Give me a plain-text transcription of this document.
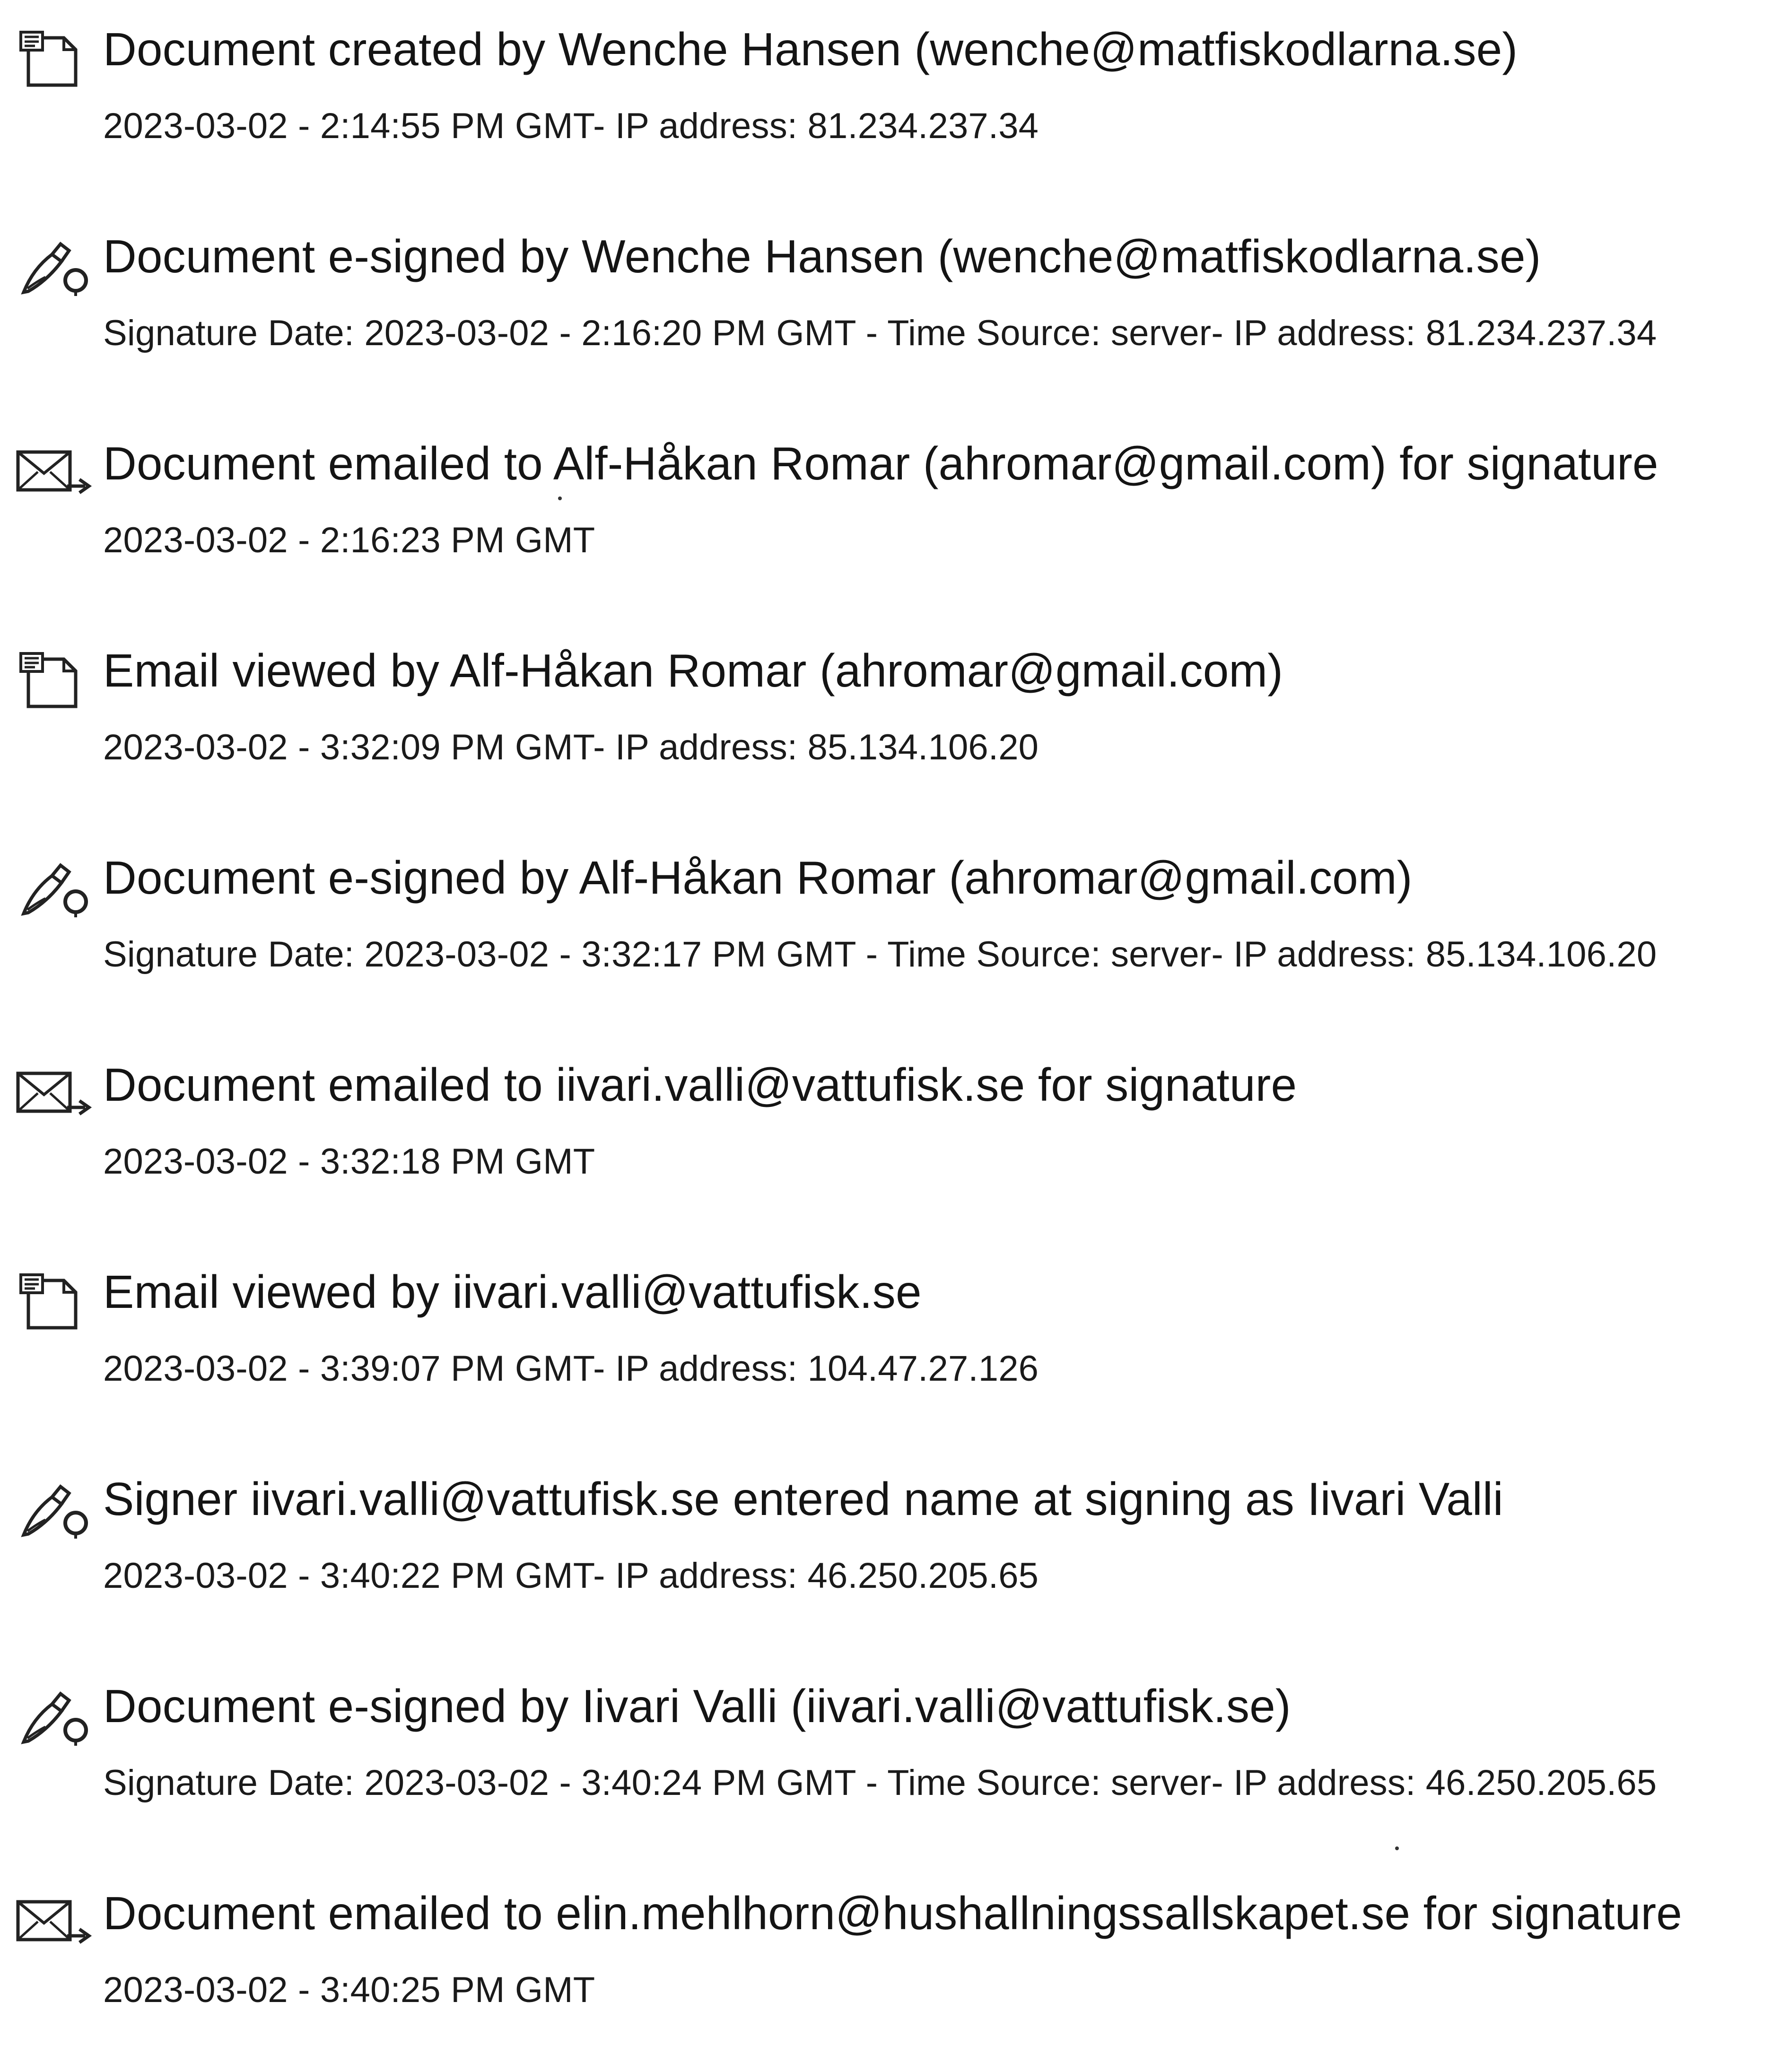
Document created by Wenche Hansen (wenche@matfiskodlarna.se)
2023-03-02 - 2:14:55 PM GMT- IP address: 81.234.237.34
Document e-signed by Wenche Hansen (wenche@matfiskodlarna.se)
Signature Date: 2023-03-02 - 2:16:20 PM GMT - Time Source: server- IP address: 81.234.237.34
Document emailed to Alf-Håkan Romar (ahromar@gmail.com) for signature
2023-03-02 - 2:16:23 PM GMT
Email viewed by Alf-Håkan Romar (ahromar@gmail.com)
2023-03-02 - 3:32:09 PM GMT- IP address: 85.134.106.20
Document e-signed by Alf-Håkan Romar (ahromar@gmail.com)
Signature Date: 2023-03-02 - 3:32:17 PM GMT - Time Source: server- IP address: 85.134.106.20
Document emailed to iivari.valli@vattufisk.se for signature
2023-03-02 - 3:32:18 PM GMT
Email viewed by iivari.valli@vattufisk.se
2023-03-02 - 3:39:07 PM GMT- IP address: 104.47.27.126
Signer iivari.valli@vattufisk.se entered name at signing as Iivari Valli
2023-03-02 - 3:40:22 PM GMT- IP address: 46.250.205.65
Document e-signed by Iivari Valli (iivari.valli@vattufisk.se)
Signature Date: 2023-03-02 - 3:40:24 PM GMT - Time Source: server- IP address: 46.250.205.65
Document emailed to elin.mehlhorn@hushallningssallskapet.se for signature
2023-03-02 - 3:40:25 PM GMT
